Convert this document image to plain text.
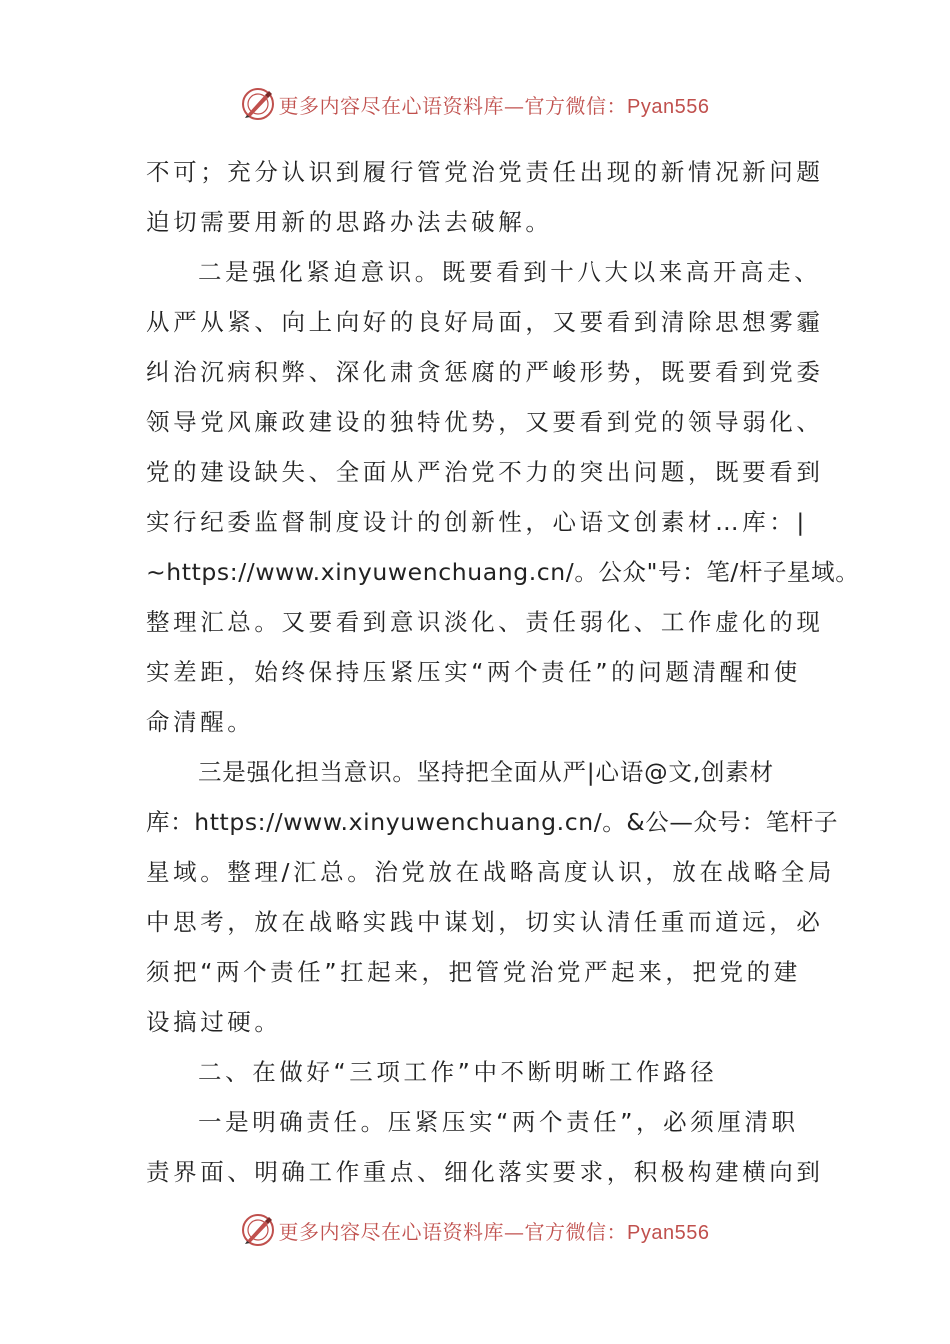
更多内容尽在心语资料库—官方微信：Pyan556
不可；充分认识到履行管党治党责任出现的新情况新问题
迫切需要用新的思路办法去破解。
二是强化紧迫意识。既要看到十八大以来高开高走、
从严从紧、向上向好的良好局面，又要看到清除思想雾霾
纠治沉病积弊、深化肃贪惩腐的严峻形势，既要看到党委
领导党风廉政建设的独特优势，又要看到党的领导弱化、
党的建设缺失、全面从严治党不力的突出问题，既要看到
实行纪委监督制度设计的创新性，心语文创素材…库：|
~https://www.xinyuwenchuang.cn/。公众"号：笔/杆子星域。
整理汇总。又要看到意识淡化、责任弱化、工作虚化的现
实差距，始终保持压紧压实“两个责任”的问题清醒和使
命清醒。
三是强化担当意识。坚持把全面从严|心语@文,创素材
库：https://www.xinyuwenchuang.cn/。&公—众号：笔杆子
星域。整理/汇总。治党放在战略高度认识，放在战略全局
中思考，放在战略实践中谋划，切实认清任重而道远，必
须把“两个责任”扛起来，把管党治党严起来，把党的建
设搞过硬。
二、在做好“三项工作”中不断明晰工作路径
一是明确责任。压紧压实“两个责任”，必须厘清职
责界面、明确工作重点、细化落实要求，积极构建横向到
更多内容尽在心语资料库—官方微信：Pyan556
